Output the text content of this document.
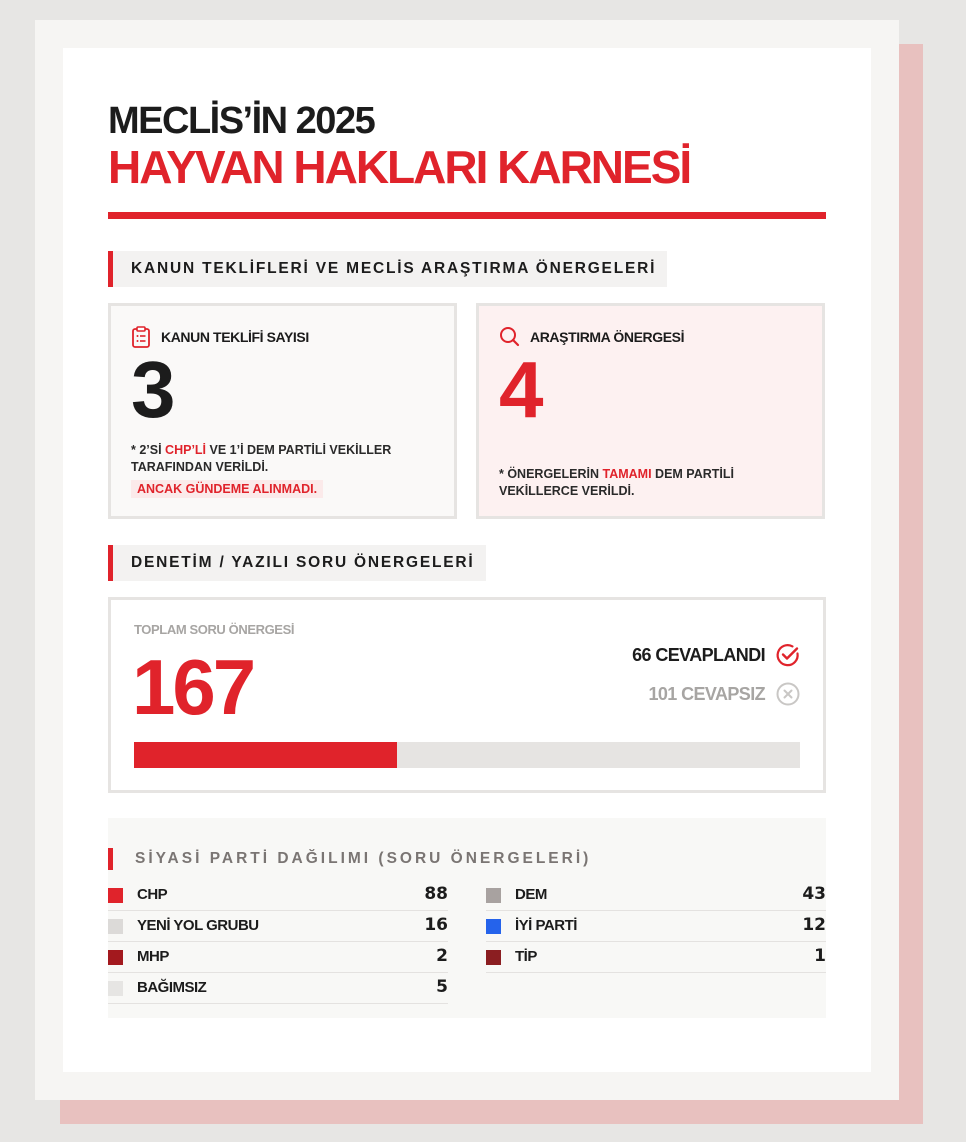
MECLİS’İN 2025
HAYVAN HAKLARI KARNESİ
KANUN TEKLİFLERİ VE MECLİS ARAŞTIRMA ÖNERGELERİ
KANUN TEKLİFİ SAYISI
3
* 2’Sİ CHP’Lİ VE 1’İ DEM PARTİLİ VEKİLLER TARAFINDAN VERİLDİ.
ANCAK GÜNDEME ALINMADI.
ARAŞTIRMA ÖNERGESİ
4
* ÖNERGELERİN TAMAMI DEM PARTİLİ VEKİLLERCE VERİLDİ.
DENETİM / YAZILI SORU ÖNERGELERİ
TOPLAM SORU ÖNERGESİ
167	66 CEVAPLANDI
101 CEVAPSIZ
SİYASİ PARTİ DAĞILIMI (SORU ÖNERGELERİ)
CHP	88
YENİ YOL GRUBU	16
MHP	2
BAĞIMSIZ	5
DEM	43
İYİ PARTİ	12
TİP	1
